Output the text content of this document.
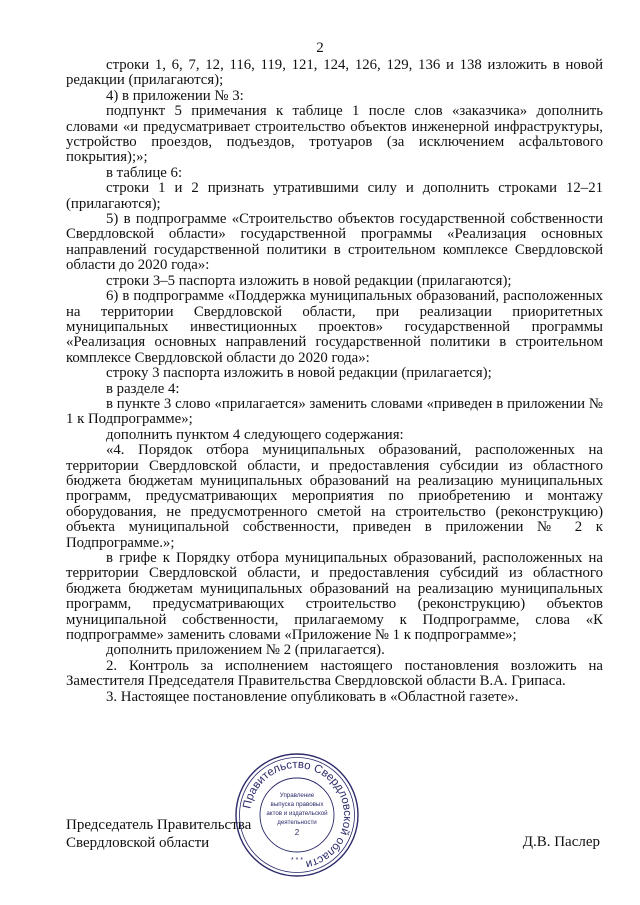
2

строки 1, 6, 7, 12, 116, 119, 121, 124, 126, 129, 136 и 138 изложить в новой редакции (прилагаются);

4) в приложении № 3:

подпункт 5 примечания к таблице 1 после слов «заказчика» дополнить словами «и предусматривает строительство объектов инженерной инфраструктуры, устройство проездов, подъездов, тротуаров (за исключением асфальтового покрытия);»;

в таблице 6:

строки 1 и 2 признать утратившими силу и дополнить строками 12–21 (прилагаются);

5) в подпрограмме «Строительство объектов государственной собственности Свердловской области» государственной программы «Реализация основных направлений государственной политики в строительном комплексе Свердловской области до 2020 года»:

строки 3–5 паспорта изложить в новой редакции (прилагаются);

6) в подпрограмме «Поддержка муниципальных образований, расположенных на территории Свердловской области, при реализации приоритетных муниципальных инвестиционных проектов» государственной программы «Реализация основных направлений государственной политики в строительном комплексе Свердловской области до 2020 года»:

строку 3 паспорта изложить в новой редакции (прилагается);

в разделе 4:

в пункте 3 слово «прилагается» заменить словами «приведен в приложении № 1 к Подпрограмме»;

дополнить пунктом 4 следующего содержания:

«4. Порядок отбора муниципальных образований, расположенных на территории Свердловской области, и предоставления субсидии из областного бюджета бюджетам муниципальных образований на реализацию муниципальных программ, предусматривающих мероприятия по приобретению и монтажу оборудования, не предусмотренного сметой на строительство (реконструкцию) объекта муниципальной собственности, приведен в приложении № 2 к Подпрограмме.»;

в грифе к Порядку отбора муниципальных образований, расположенных на территории Свердловской области, и предоставления субсидий из областного бюджета бюджетам муниципальных образований на реализацию муниципальных программ, предусматривающих строительство (реконструкцию) объектов муниципальной собственности, прилагаемому к Подпрограмме, слова «К подпрограмме» заменить словами «Приложение № 1 к подпрограмме»;

дополнить приложением № 2 (прилагается).

2. Контроль за исполнением настоящего постановления возложить на Заместителя Председателя Правительства Свердловской области В.А. Грипаса.

3. Настоящее постановление опубликовать в «Областной газете».

Председатель Правительства
Свердловской области	Д.В. Паслер
Правительство Свердловской области
Управление
выпуска правовых
актов и издательской
деятельности
2
* * *
